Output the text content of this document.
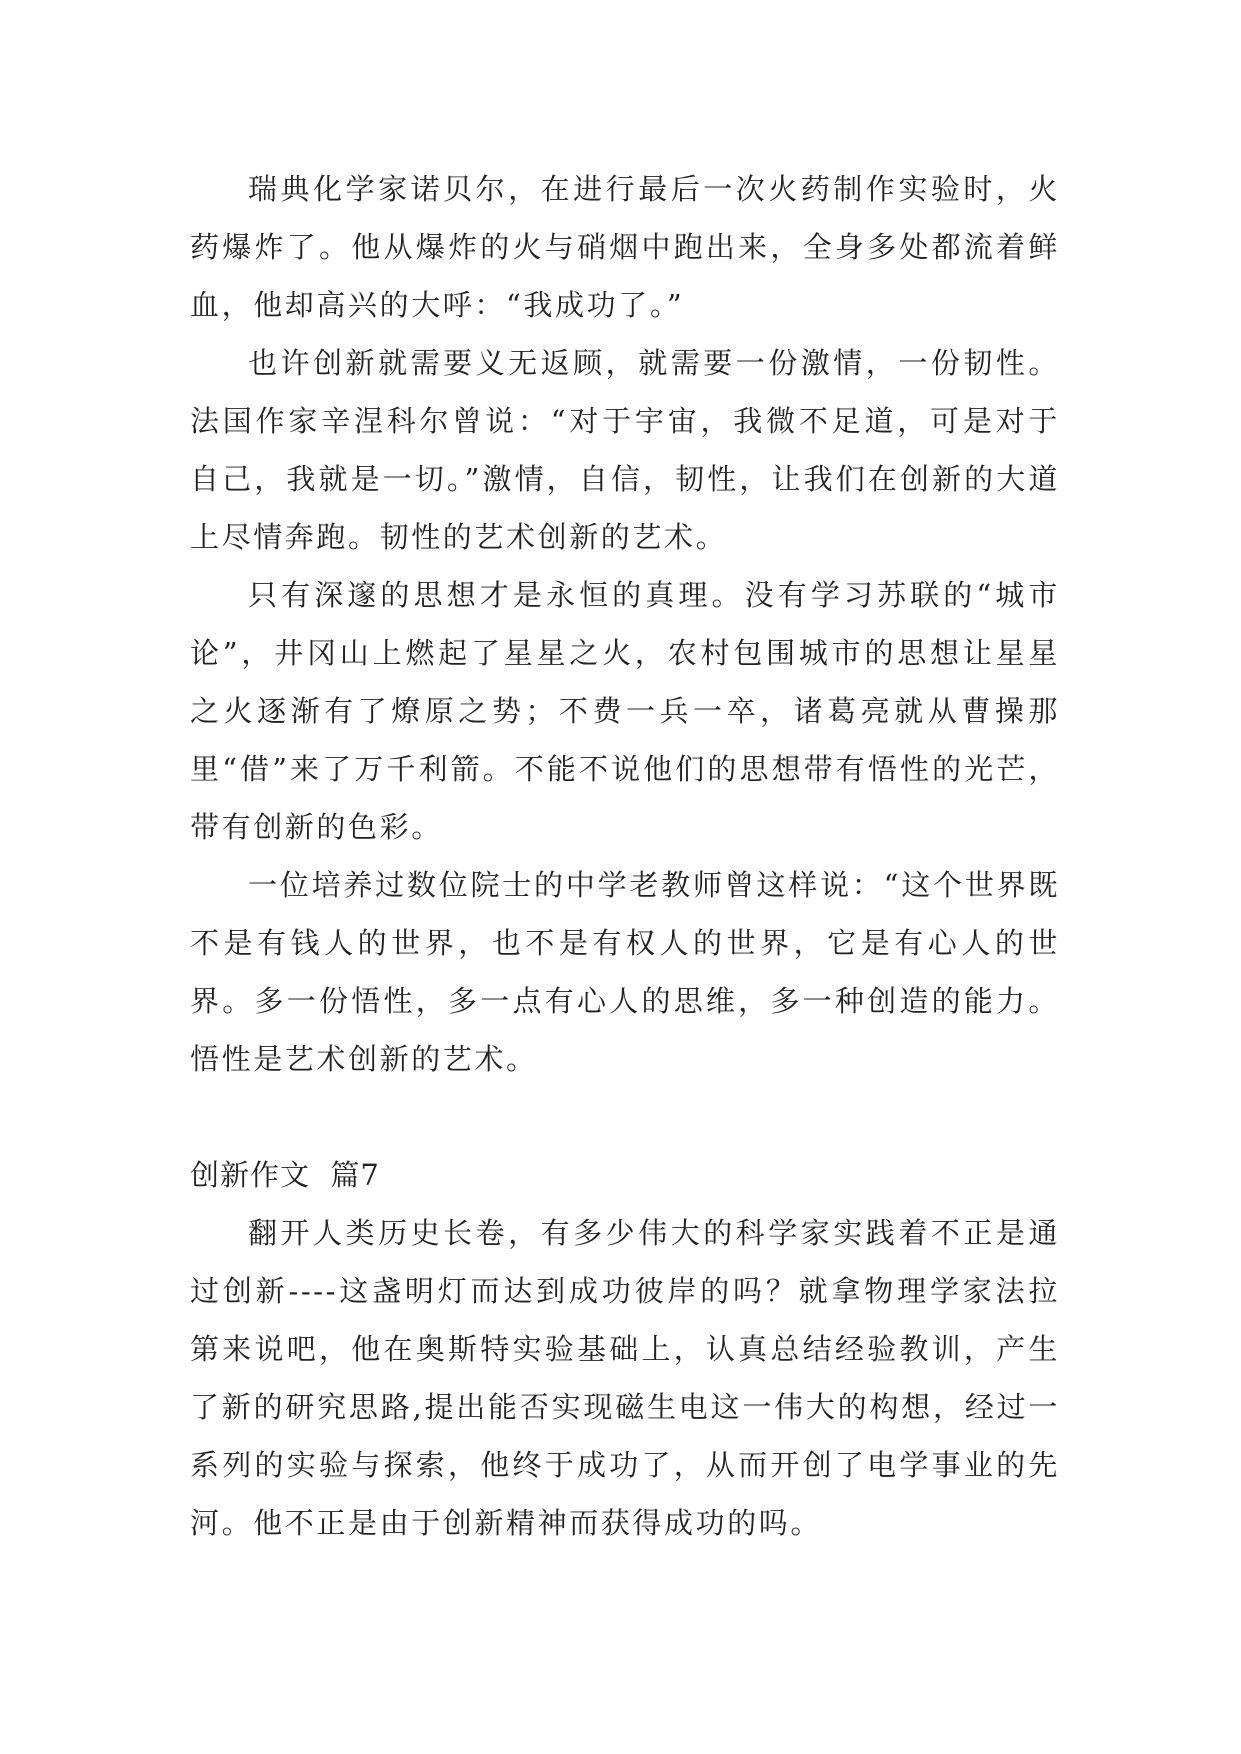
瑞典化学家诺贝尔，在进行最后一次火药制作实验时，火药爆炸了。他从爆炸的火与硝烟中跑出来，全身多处都流着鲜血，他却高兴的大呼：“我成功了。”

也许创新就需要义无返顾，就需要一份激情，一份韧性。法国作家辛涅科尔曾说：“对于宇宙，我微不足道，可是对于自己，我就是一切。”激情，自信，韧性，让我们在创新的大道上尽情奔跑。韧性的艺术创新的艺术。

只有深邃的思想才是永恒的真理。没有学习苏联的“城市论”，井冈山上燃起了星星之火，农村包围城市的思想让星星之火逐渐有了燎原之势；不费一兵一卒，诸葛亮就从曹操那里“借”来了万千利箭。不能不说他们的思想带有悟性的光芒，带有创新的色彩。

一位培养过数位院士的中学老教师曾这样说：“这个世界既不是有钱人的世界，也不是有权人的世界，它是有心人的世界。多一份悟性，多一点有心人的思维，多一种创造的能力。悟性是艺术创新的艺术。

创新作文  篇7

翻开人类历史长卷，有多少伟大的科学家实践着不正是通过创新----这盏明灯而达到成功彼岸的吗？就拿物理学家法拉第来说吧，他在奥斯特实验基础上，认真总结经验教训，产生了新的研究思路,提出能否实现磁生电这一伟大的构想，经过一系列的实验与探索，他终于成功了，从而开创了电学事业的先河。他不正是由于创新精神而获得成功的吗。
